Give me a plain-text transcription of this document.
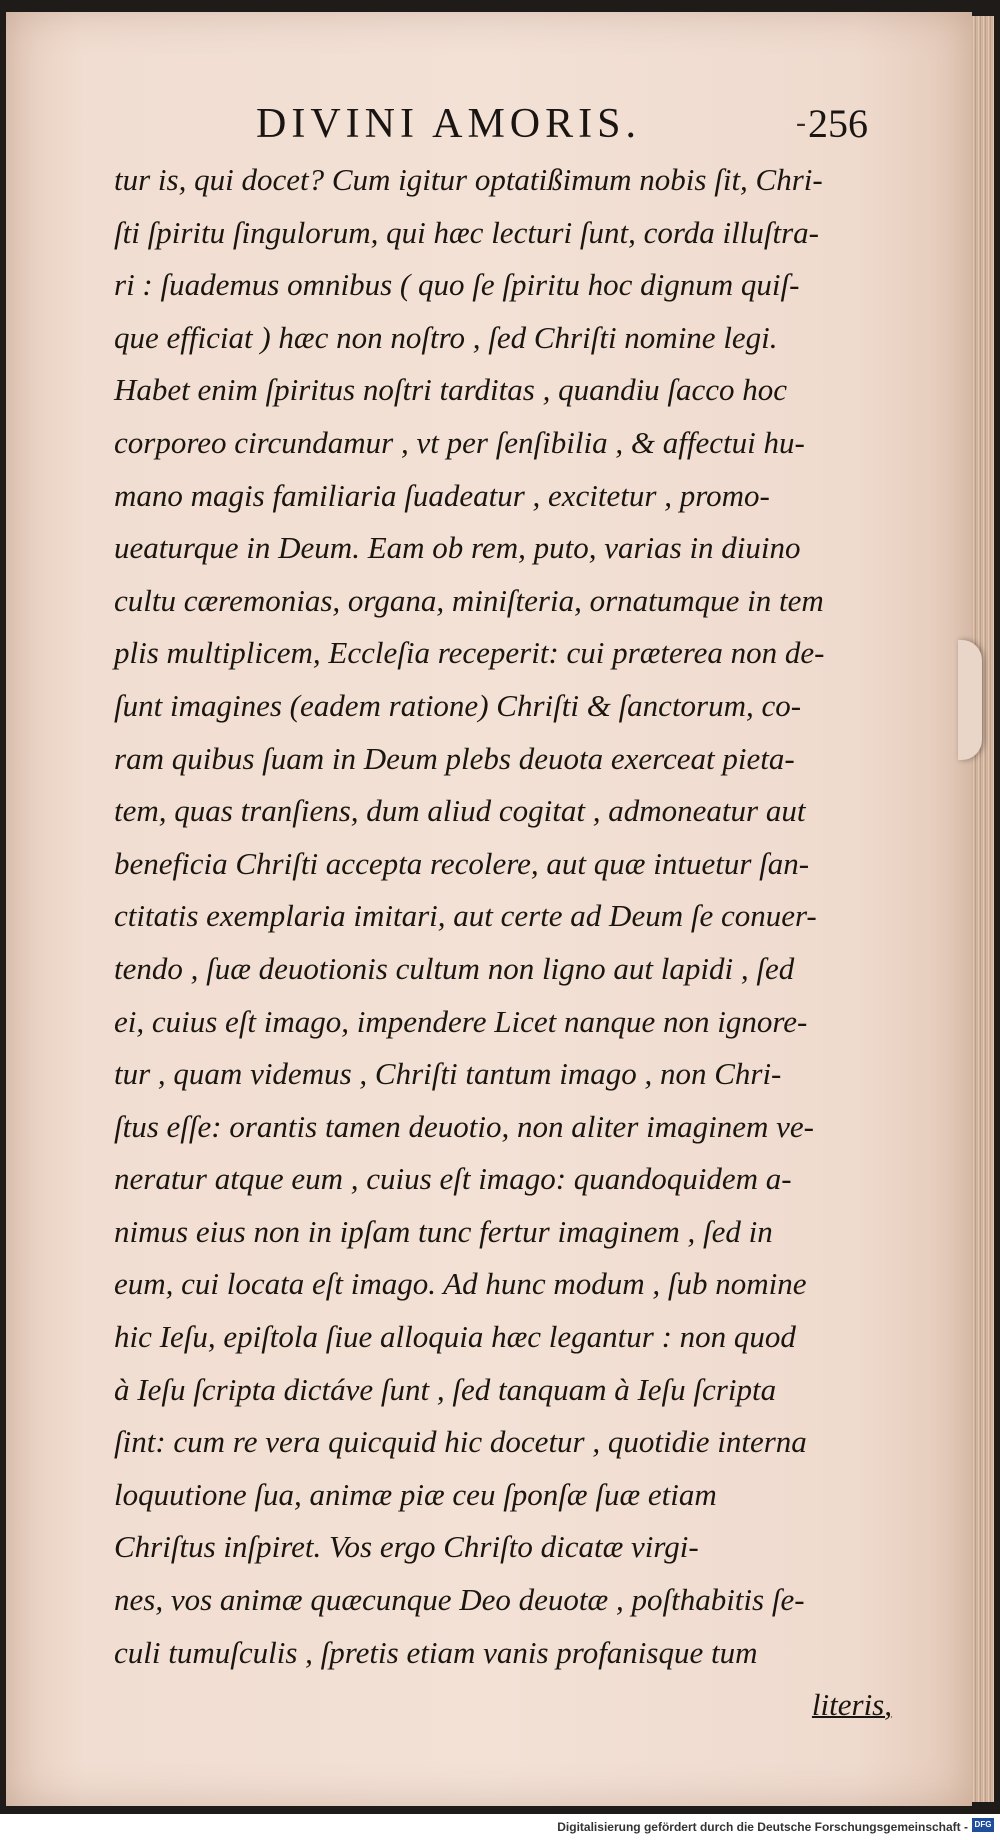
DIVINI AMORIS.	- 256
tur is, qui docet? Cum igitur optatißimum nobis ſit, Chri-
ſti ſpiritu ſingulorum, qui hæc lecturi ſunt, corda illuſtra-
ri : ſuademus omnibus ( quo ſe ſpiritu hoc dignum quiſ-
que efficiat ) hæc non noſtro , ſed Chriſti nomine legi.
Habet enim ſpiritus noſtri tarditas , quandiu ſacco hoc
corporeo circundamur , vt per ſenſibilia , & affectui hu-
mano magis familiaria ſuadeatur , excitetur , promo-
ueaturque in Deum. Eam ob rem, puto, varias in diuino
cultu cæremonias, organa, miniſteria, ornatumque in tem
plis multiplicem, Eccleſia receperit: cui præterea non de-
ſunt imagines (eadem ratione) Chriſti & ſanctorum, co-
ram quibus ſuam in Deum plebs deuota exerceat pieta-
tem, quas tranſiens, dum aliud cogitat , admoneatur aut
beneficia Chriſti accepta recolere, aut quæ intuetur ſan-
ctitatis exemplaria imitari, aut certe ad Deum ſe conuer-
tendo , ſuæ deuotionis cultum non ligno aut lapidi , ſed
ei, cuius eſt imago, impendere Licet nanque non ignore-
tur , quam videmus , Chriſti tantum imago , non Chri-
ſtus eſſe: orantis tamen deuotio, non aliter imaginem ve-
neratur atque eum , cuius eſt imago: quandoquidem a-
nimus eius non in ipſam tunc fertur imaginem , ſed in
eum, cui locata eſt imago. Ad hunc modum , ſub nomine
hic Ieſu, epiſtola ſiue alloquia hæc legantur : non quod
à Ieſu ſcripta dictáve ſunt , ſed tanquam à Ieſu ſcripta
ſint: cum re vera quicquid hic docetur , quotidie interna
loquutione ſua, animæ piæ ceu ſponſæ ſuæ etiam
Chriſtus inſpiret. Vos ergo Chriſto dicatæ virgi-
nes, vos animæ quæcunque Deo deuotæ , poſthabitis ſe-
culi tumuſculis , ſpretis etiam vanis profanisque tum
literis,
Digitalisierung gefördert durch die Deutsche Forschungsgemeinschaft - DFG
